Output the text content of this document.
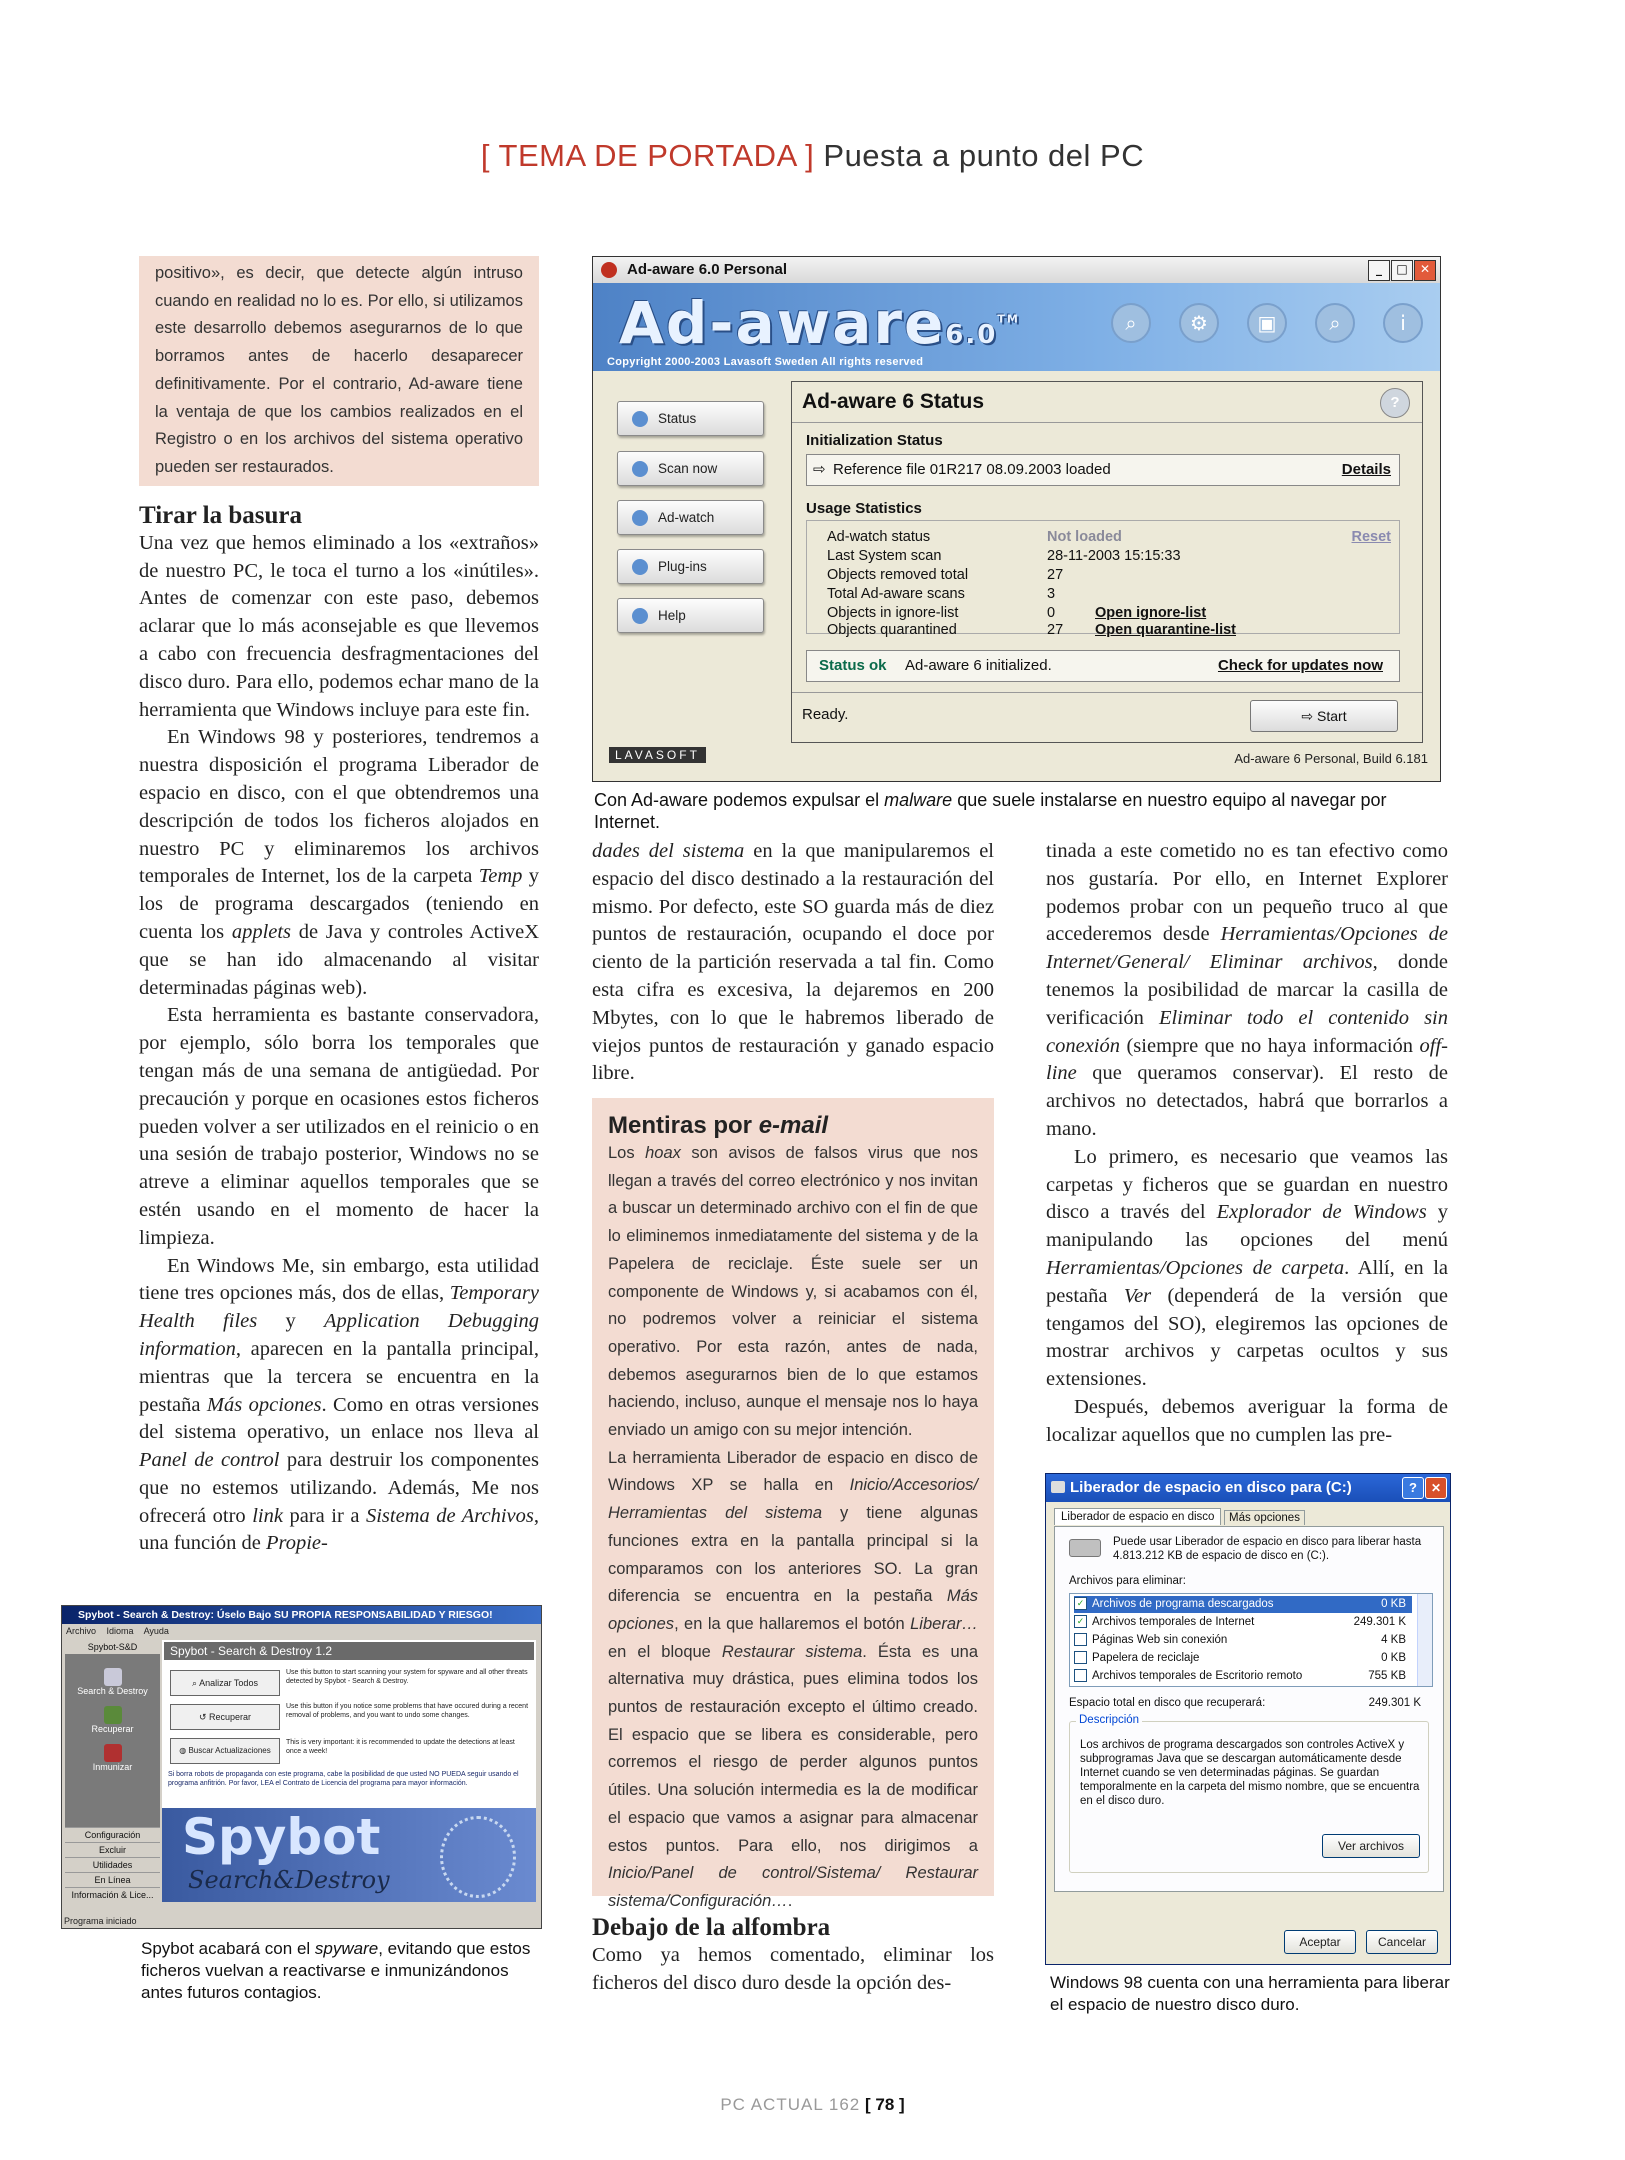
[ TEMA DE PORTADA ] Puesta a punto del PC
positivo», es decir, que detecte algún intruso cuando en realidad no lo es. Por ello, si utilizamos este desarrollo debemos asegurarnos de lo que borramos antes de hacerlo desaparecer definitivamente. Por el contrario, Ad-aware tiene la ventaja de que los cambios realizados en el Registro o en los archivos del sistema operativo pueden ser restaurados.
Tirar la basura

Una vez que hemos eliminado a los «extraños» de nuestro PC, le toca el turno a los «inútiles». Antes de comenzar con este paso, debemos aclarar que lo más aconsejable es que llevemos a cabo con frecuencia desfragmentaciones del disco duro. Para ello, podemos echar mano de la herramienta que Windows incluye para este fin.

En Windows 98 y posteriores, tendremos a nuestra disposición el programa Liberador de espacio en disco, con el que obtendremos una descripción de todos los ficheros alojados en nuestro PC y eliminaremos los archivos temporales de Internet, los de la carpeta Temp y los de programa descargados (teniendo en cuenta los applets de Java y controles ActiveX que se han ido almacenando al visitar determinadas páginas web).

Esta herramienta es bastante conservadora, por ejemplo, sólo borra los temporales que tengan más de una semana de antigüedad. Por precaución y porque en ocasiones estos ficheros pueden volver a ser utilizados en el reinicio o en una sesión de trabajo posterior, Windows no se atreve a eliminar aquellos temporales que se estén usando en el momento de hacer la limpieza.

En Windows Me, sin embargo, esta utilidad tiene tres opciones más, dos de ellas, Temporary Health files y Application Debugging information, aparecen en la pantalla principal, mientras que la tercera se encuentra en la pestaña Más opciones. Como en otras versiones del sistema operativo, un enlace nos lleva al Panel de control para destruir los componentes que no estemos utilizando. Además, Me nos ofrecerá otro link para ir a Sistema de Archivos, una función de Propie-

Ad-aware 6.0 Personal	_	□	✕
Ad-aware6.0™
Copyright 2000-2003 Lavasoft Sweden All rights reserved
⌕	⚙	▣	⌕	i
Status
Scan now
Ad-watch
Plug-ins
Help
Ad-aware 6 Status	?
Initialization Status
⇨ Reference file 01R217 08.09.2003 loaded	Details
Usage Statistics
Ad-watch status	Not loaded	Reset
Last System scan	28-11-2003 15:15:33
Objects removed total	27
Total Ad-aware scans	3
Objects in ignore-list	0	Open ignore-list
Objects quarantined	27 Open quarantine-list
Status ok Ad-aware 6 initialized.	Check for updates now
Ready.	⇨ Start
LAVASOFT	Ad-aware 6 Personal, Build 6.181
Con Ad-aware podemos expulsar el malware que suele instalarse en nuestro equipo al navegar por Internet.

dades del sistema en la que manipularemos el espacio del disco destinado a la restauración del mismo. Por defecto, este SO guarda más de diez puntos de restauración, ocupando el doce por ciento de la partición reservada a tal fin. Como esta cifra es excesiva, la dejaremos en 200 Mbytes, con lo que le habremos liberado de viejos puntos de restauración y ganado espacio libre.

Mentiras por e-mail
Los hoax son avisos de falsos virus que nos llegan a través del correo electrónico y nos invitan a buscar un determinado archivo con el fin de que lo eliminemos inmediatamente del sistema y de la Papelera de reciclaje. Éste suele ser un componente de Windows y, si acabamos con él, no podremos volver a reiniciar el sistema operativo. Por esta razón, antes de nada, debemos asegurarnos bien de lo que estamos haciendo, incluso, aunque el mensaje nos lo haya enviado un amigo con su mejor intención.
La herramienta Liberador de espacio en disco de Windows XP se halla en Inicio/Accesorios/ Herramientas del sistema y tiene algunas funciones extra en la pantalla principal si la comparamos con los anteriores SO. La gran diferencia se encuentra en la pestaña Más opciones, en la que hallaremos el botón Liberar… en el bloque Restaurar sistema. Ésta es una alternativa muy drástica, pues elimina todos los puntos de restauración excepto el último creado. El espacio que se libera es considerable, pero corremos el riesgo de perder algunos puntos útiles. Una solución intermedia es la de modificar el espacio que vamos a asignar para almacenar estos puntos. Para ello, nos dirigimos a Inicio/Panel de control/Sistema/ Restaurar sistema/Configuración….
Debajo de la alfombra

Como ya hemos comentado, eliminar los ficheros del disco duro desde la opción des-

tinada a este cometido no es tan efectivo como nos gustaría. Por ello, en Internet Explorer podemos probar con un pequeño truco al que accederemos desde Herramientas/Opciones de Internet/General/ Eliminar archivos, donde tenemos la posibilidad de marcar la casilla de verificación Eliminar todo el contenido sin conexión (siempre que no haya información off-line que queramos conservar). El resto de archivos no detectados, habrá que borrarlos a mano.

Lo primero, es necesario que veamos las carpetas y ficheros que se guardan en nuestro disco a través del Explorador de Windows y manipulando las opciones del menú Herramientas/Opciones de carpeta. Allí, en la pestaña Ver (dependerá de la versión que tengamos del SO), elegiremos las opciones de mostrar archivos y carpetas ocultos y sus extensiones.

Después, debemos averiguar la forma de localizar aquellos que no cumplen las pre-

Spybot - Search & Destroy: Úselo Bajo SU PROPIA RESPONSABILIDAD Y RIESGO!
Archivo Idioma Ayuda
Spybot-S&D
Search & Destroy
Recuperar
Inmunizar
Configuración
Excluir
Utilidades
En Línea
Información & Lice...
Spybot - Search & Destroy 1.2
⌕ Analizar Todos
Use this button to start scanning your system for spyware and all other threats detected by Spybot - Search & Destroy.
↺ Recuperar
Use this button if you notice some problems that have occured during a recent removal of problems, and you want to undo some changes.
◍ Buscar Actualizaciones
This is very important: it is recommended to update the detections at least once a week!
Si borra robots de propaganda con este programa, cabe la posibilidad de que usted NO PUEDA seguir usando el programa anfitrión. Por favor, LEA el Contrato de Licencia del programa para mayor información.
Spybot
Search&Destroy
Programa iniciado
Spybot acabará con el spyware, evitando que estos ficheros vuelvan a reactivarse e inmunizándonos antes futuros contagios.
Liberador de espacio en disco para (C:)	?	✕
Liberador de espacio en disco	Más opciones
Puede usar Liberador de espacio en disco para liberar hasta 4.813.212 KB de espacio de disco en (C:).
Archivos para eliminar:
✓ Archivos de programa descargados	0 KB
✓ Archivos temporales de Internet	249.301 K
Páginas Web sin conexión	4 KB
Papelera de reciclaje	0 KB
Archivos temporales de Escritorio remoto	755 KB
Espacio total en disco que recuperará:	249.301 K
Descripción
Los archivos de programa descargados son controles ActiveX y subprogramas Java que se descargan automáticamente desde Internet cuando se ven determinadas páginas. Se guardan temporalmente en la carpeta del mismo nombre, que se encuentra en el disco duro.
Ver archivos
Aceptar	Cancelar
Windows 98 cuenta con una herramienta para liberar el espacio de nuestro disco duro.
PC ACTUAL 162 [ 78 ]
